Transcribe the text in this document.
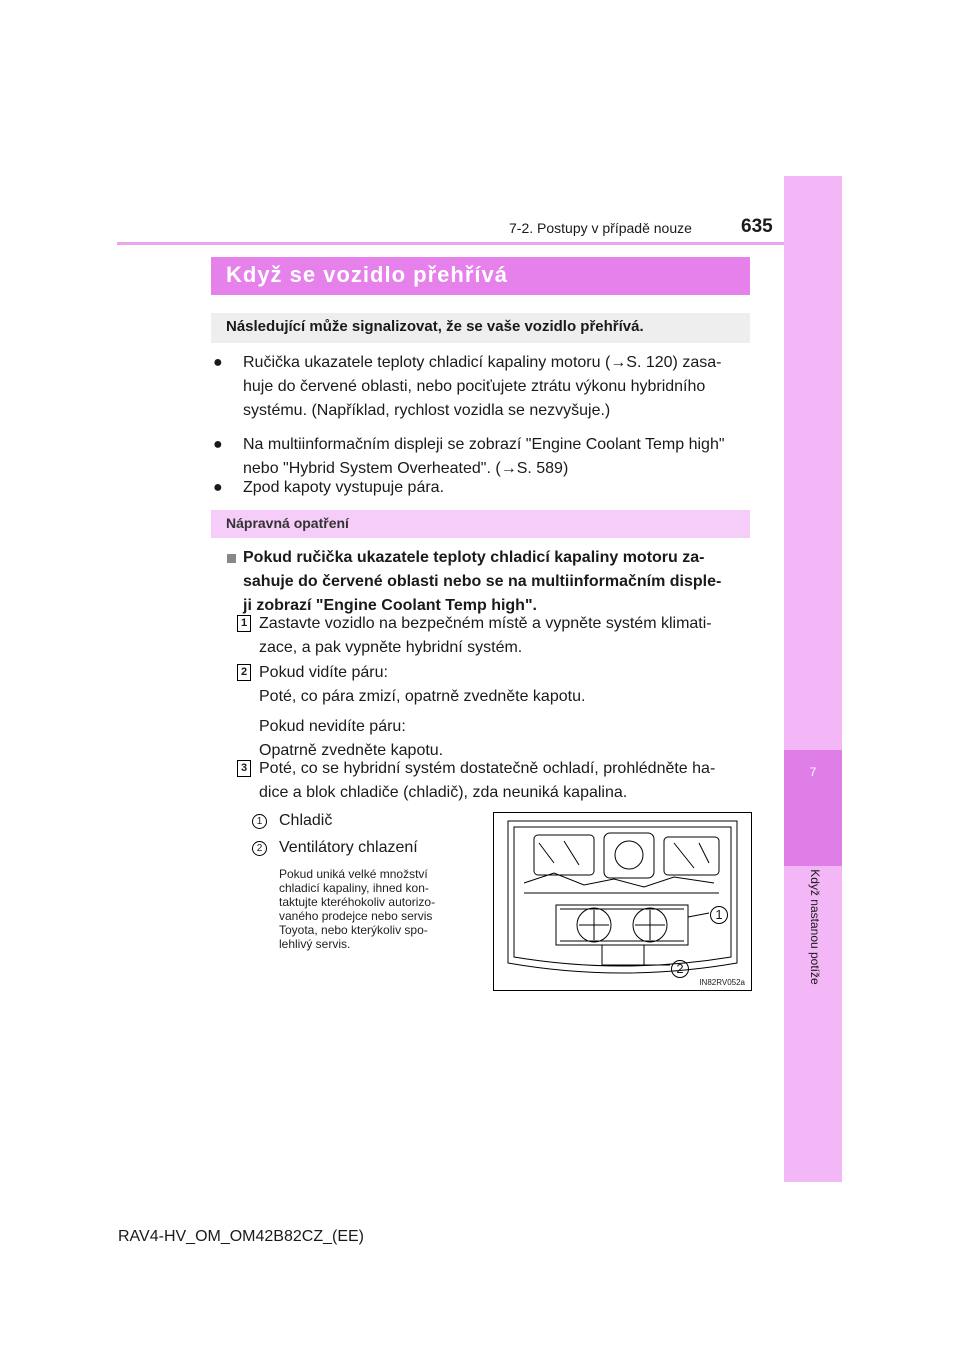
7-2. Postupy v případě nouze	635
7
Když nastanou potíže
Když se vozidlo přehřívá
Následující může signalizovat, že se vaše vozidlo přehřívá.
● Ručička ukazatele teploty chladicí kapaliny motoru (→S. 120) zasa-
huje do červené oblasti, nebo pociťujete ztrátu výkonu hybridního
systému. (Například, rychlost vozidla se nezvyšuje.)
● Na multiinformačním displeji se zobrazí "Engine Coolant Temp high"
nebo "Hybrid System Overheated". (→S. 589)
● Zpod kapoty vystupuje pára.
Nápravná opatření
Pokud ručička ukazatele teploty chladicí kapaliny motoru za-
sahuje do červené oblasti nebo se na multiinformačním disple-
ji zobrazí "Engine Coolant Temp high".
1 Zastavte vozidlo na bezpečném místě a vypněte systém klimati-
zace, a pak vypněte hybridní systém.
2 Pokud vidíte páru:
Poté, co pára zmizí, opatrně zvedněte kapotu.
Pokud nevidíte páru:
Opatrně zvedněte kapotu.
3 Poté, co se hybridní systém dostatečně ochladí, prohlédněte ha-
dice a blok chladiče (chladič), zda neuniká kapalina.
1 Chladič
2 Ventilátory chlazení
Pokud uniká velké množství
chladicí kapaliny, ihned kon-
taktujte kteréhokoliv autorizo-
vaného prodejce nebo servis
Toyota, nebo kterýkoliv spo-
lehlivý servis.
1
2
IN82RV052a
RAV4-HV_OM_OM42B82CZ_(EE)
